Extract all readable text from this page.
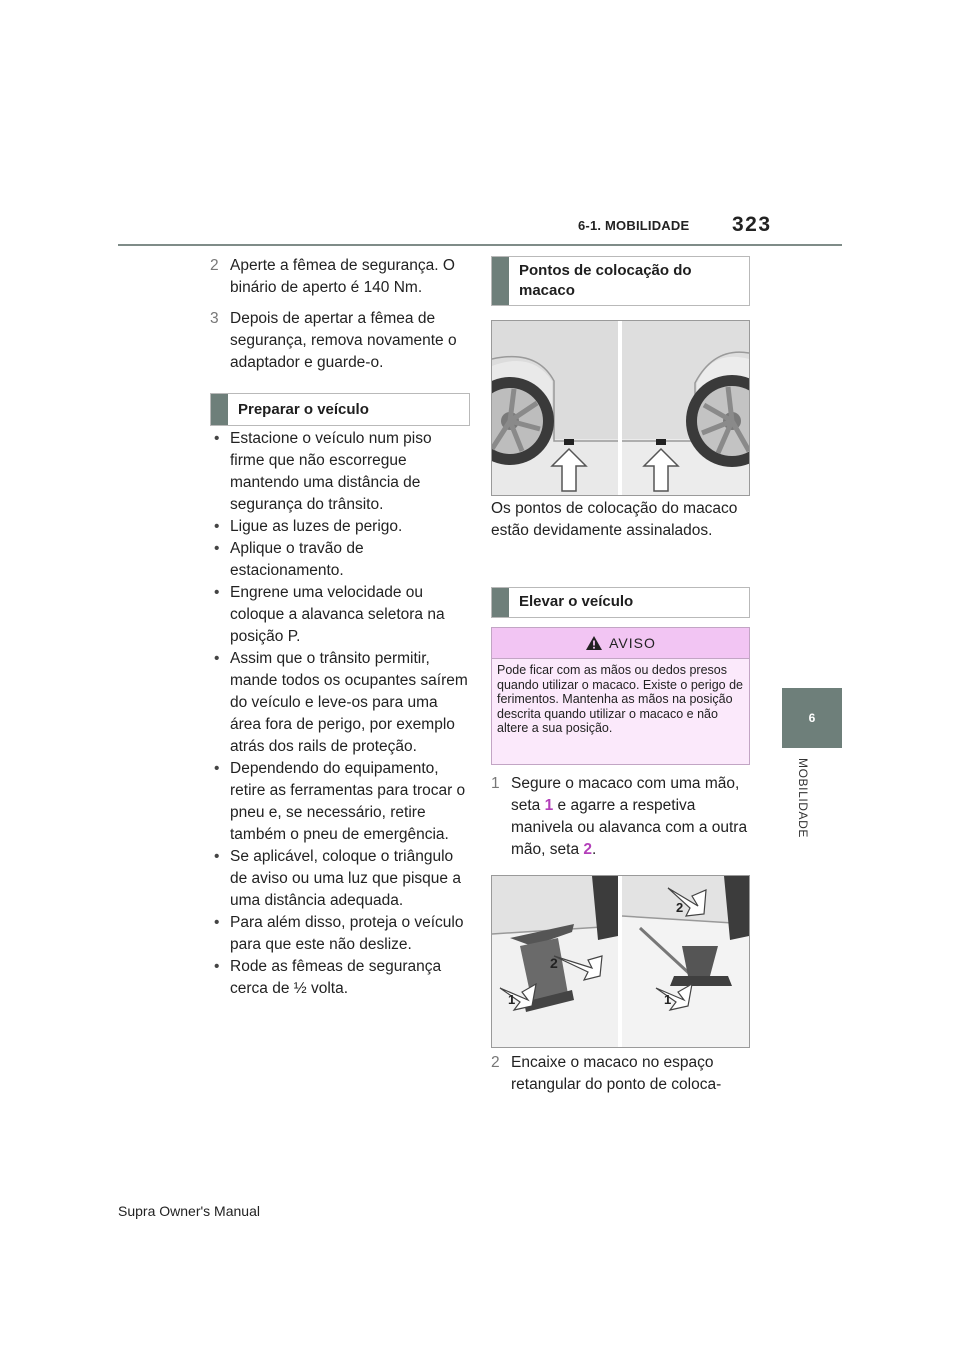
6-1. MOBILIDADE 323
6
MOBILIDADE
2 Aperte a fêmea de segurança. O binário de aperto é 140 Nm.
3 Depois de apertar a fêmea de segurança, remova novamente o adaptador e guarde-o.
Preparar o veículo
• Estacione o veículo num piso firme que não escorregue mantendo uma distância de segurança do trânsito.
• Ligue as luzes de perigo.
• Aplique o travão de estacionamento.
• Engrene uma velocidade ou coloque a alavanca seletora na posição P.
• Assim que o trânsito permitir, mande todos os ocupantes saírem do veículo e leve-os para uma área fora de perigo, por exemplo atrás dos rails de proteção.
• Dependendo do equipamento, retire as ferramentas para trocar o pneu e, se necessário, retire também o pneu de emergência.
• Se aplicável, coloque o triângulo de aviso ou uma luz que pisque a uma distância adequada.
• Para além disso, proteja o veículo para que este não deslize.
• Rode as fêmeas de segurança cerca de ½ volta.
Pontos de colocação do macaco
Os pontos de colocação do macaco estão devidamente assinalados.
Elevar o veículo
AVISO
Pode ficar com as mãos ou dedos presos quando utilizar o macaco. Existe o perigo de ferimentos. Mantenha as mãos na posição descrita quando utilizar o macaco e não altere a sua posição.
1 Segure o macaco com uma mão, seta 1 e agarre a respetiva manivela ou alavanca com a outra mão, seta 2.
2
1
2
1
2 Encaixe o macaco no espaço retangular do ponto de coloca-
Supra Owner's Manual
